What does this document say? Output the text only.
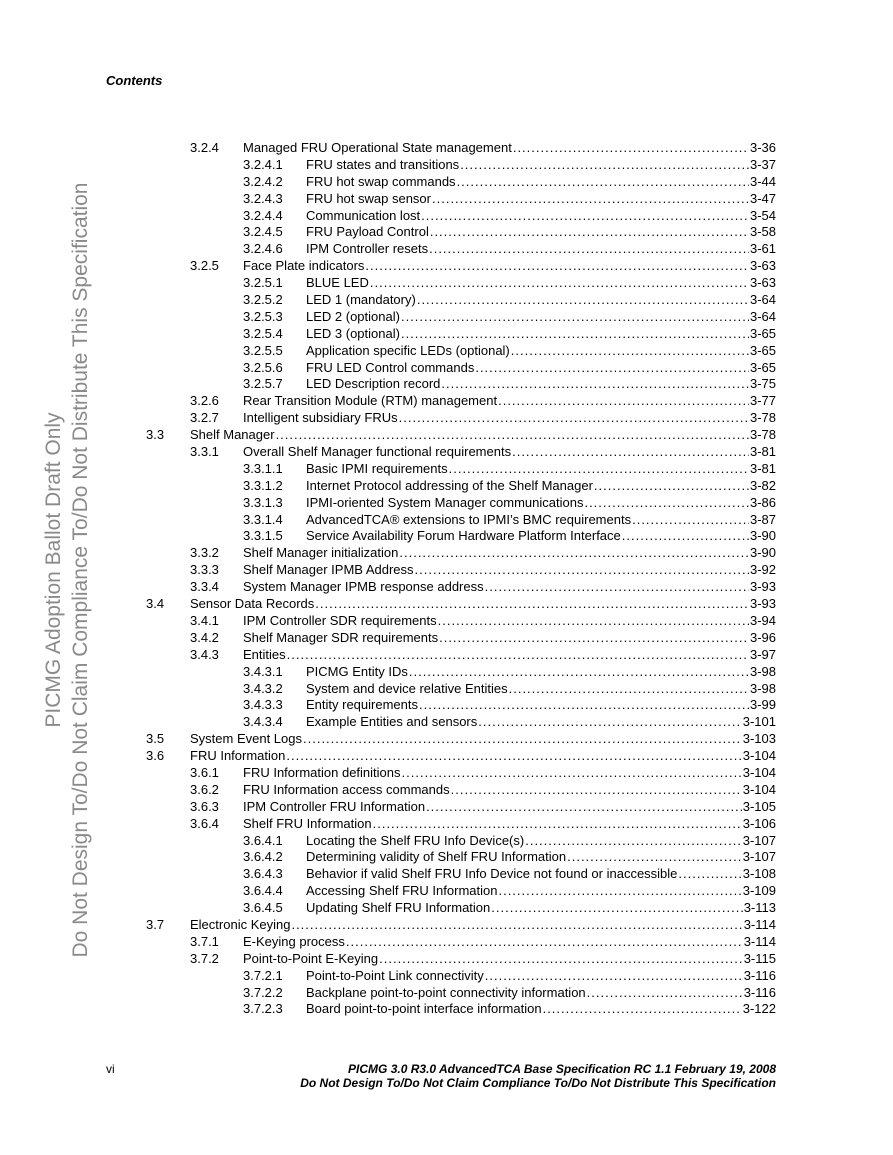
Contents
PICMG Adoption Ballot Draft Only Do Not Design To/Do Not Claim Compliance To/Do Not Distribute This Specification
3.2.4 Managed FRU Operational State management .....	3-36
3.2.4.1 FRU states and transitions .....	3-37
3.2.4.2 FRU hot swap commands .....	3-44
3.2.4.3 FRU hot swap sensor .....	3-47
3.2.4.4 Communication lost .....	3-54
3.2.4.5 FRU Payload Control .....	3-58
3.2.4.6 IPM Controller resets .....	3-61
3.2.5 Face Plate indicators .....	3-63
3.2.5.1 BLUE LED .....	3-63
3.2.5.2 LED 1 (mandatory) .....	3-64
3.2.5.3 LED 2 (optional) .....	3-64
3.2.5.4 LED 3 (optional) .....	3-65
3.2.5.5 Application specific LEDs (optional) .....	3-65
3.2.5.6 FRU LED Control commands .....	3-65
3.2.5.7 LED Description record .....	3-75
3.2.6 Rear Transition Module (RTM) management .....	3-77
3.2.7 Intelligent subsidiary FRUs .....	3-78
3.3 Shelf Manager .....	3-78
3.3.1 Overall Shelf Manager functional requirements .....	3-81
3.3.1.1 Basic IPMI requirements .....	3-81
3.3.1.2 Internet Protocol addressing of the Shelf Manager .....	3-82
3.3.1.3 IPMI-oriented System Manager communications .....	3-86
3.3.1.4 AdvancedTCA® extensions to IPMI’s BMC requirements .....	3-87
3.3.1.5 Service Availability Forum Hardware Platform Interface .....	3-90
3.3.2 Shelf Manager initialization .....	3-90
3.3.3 Shelf Manager IPMB Address .....	3-92
3.3.4 System Manager IPMB response address .....	3-93
3.4 Sensor Data Records .....	3-93
3.4.1 IPM Controller SDR requirements .....	3-94
3.4.2 Shelf Manager SDR requirements .....	3-96
3.4.3 Entities .....	3-97
3.4.3.1 PICMG Entity IDs .....	3-98
3.4.3.2 System and device relative Entities .....	3-98
3.4.3.3 Entity requirements .....	3-99
3.4.3.4 Example Entities and sensors .....	3-101
3.5 System Event Logs .....	3-103
3.6 FRU Information .....	3-104
3.6.1 FRU Information definitions .....	3-104
3.6.2 FRU Information access commands .....	3-104
3.6.3 IPM Controller FRU Information .....	3-105
3.6.4 Shelf FRU Information .....	3-106
3.6.4.1 Locating the Shelf FRU Info Device(s) .....	3-107
3.6.4.2 Determining validity of Shelf FRU Information .....	3-107
3.6.4.3 Behavior if valid Shelf FRU Info Device not found or inaccessible .....	3-108
3.6.4.4 Accessing Shelf FRU Information .....	3-109
3.6.4.5 Updating Shelf FRU Information .....	3-113
3.7 Electronic Keying .....	3-114
3.7.1 E-Keying process .....	3-114
3.7.2 Point-to-Point E-Keying .....	3-115
3.7.2.1 Point-to-Point Link connectivity .....	3-116
3.7.2.2 Backplane point-to-point connectivity information .....	3-116
3.7.2.3 Board point-to-point interface information .....	3-122
vi	PICMG 3.0 R3.0 AdvancedTCA Base Specification RC 1.1 February 19, 2008
Do Not Design To/Do Not Claim Compliance To/Do Not Distribute This Specification
